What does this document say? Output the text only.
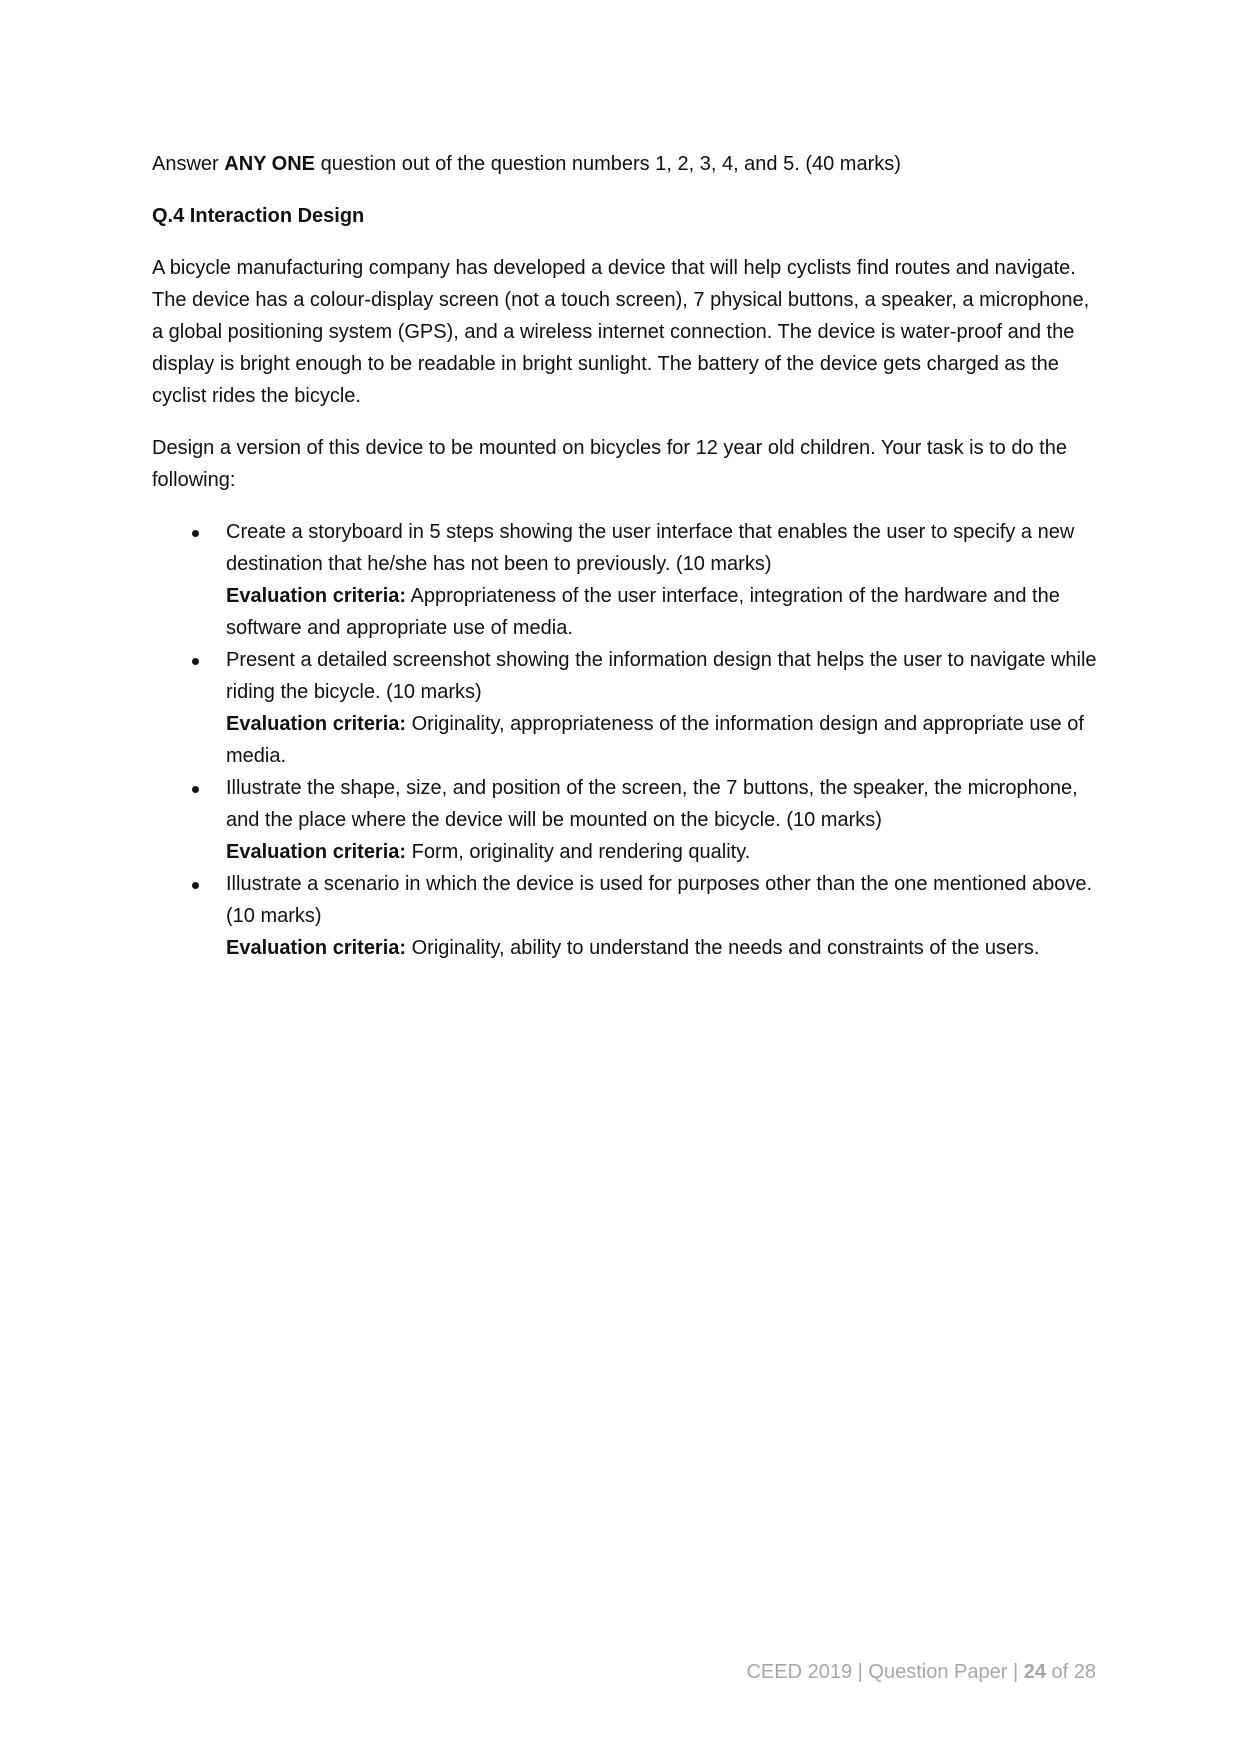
Answer ANY ONE question out of the question numbers 1, 2, 3, 4, and 5. (40 marks)

Q.4 Interaction Design

A bicycle manufacturing company has developed a device that will help cyclists find routes and navigate. The device has a colour-display screen (not a touch screen), 7 physical buttons, a speaker, a microphone, a global positioning system (GPS), and a wireless internet connection. The device is water-proof and the display is bright enough to be readable in bright sunlight. The battery of the device gets charged as the cyclist rides the bicycle.

Design a version of this device to be mounted on bicycles for 12 year old children. Your task is to do the following:

Create a storyboard in 5 steps showing the user interface that enables the user to specify a new destination that he/she has not been to previously. (10 marks)
Evaluation criteria: Appropriateness of the user interface, integration of the hardware and the software and appropriate use of media.
Present a detailed screenshot showing the information design that helps the user to navigate while riding the bicycle. (10 marks)
Evaluation criteria: Originality, appropriateness of the information design and appropriate use of media.
Illustrate the shape, size, and position of the screen, the 7 buttons, the speaker, the microphone, and the place where the device will be mounted on the bicycle. (10 marks)
Evaluation criteria: Form, originality and rendering quality.
Illustrate a scenario in which the device is used for purposes other than the one mentioned above. (10 marks)
Evaluation criteria: Originality, ability to understand the needs and constraints of the users.
CEED 2019 | Question Paper | 24 of 28
